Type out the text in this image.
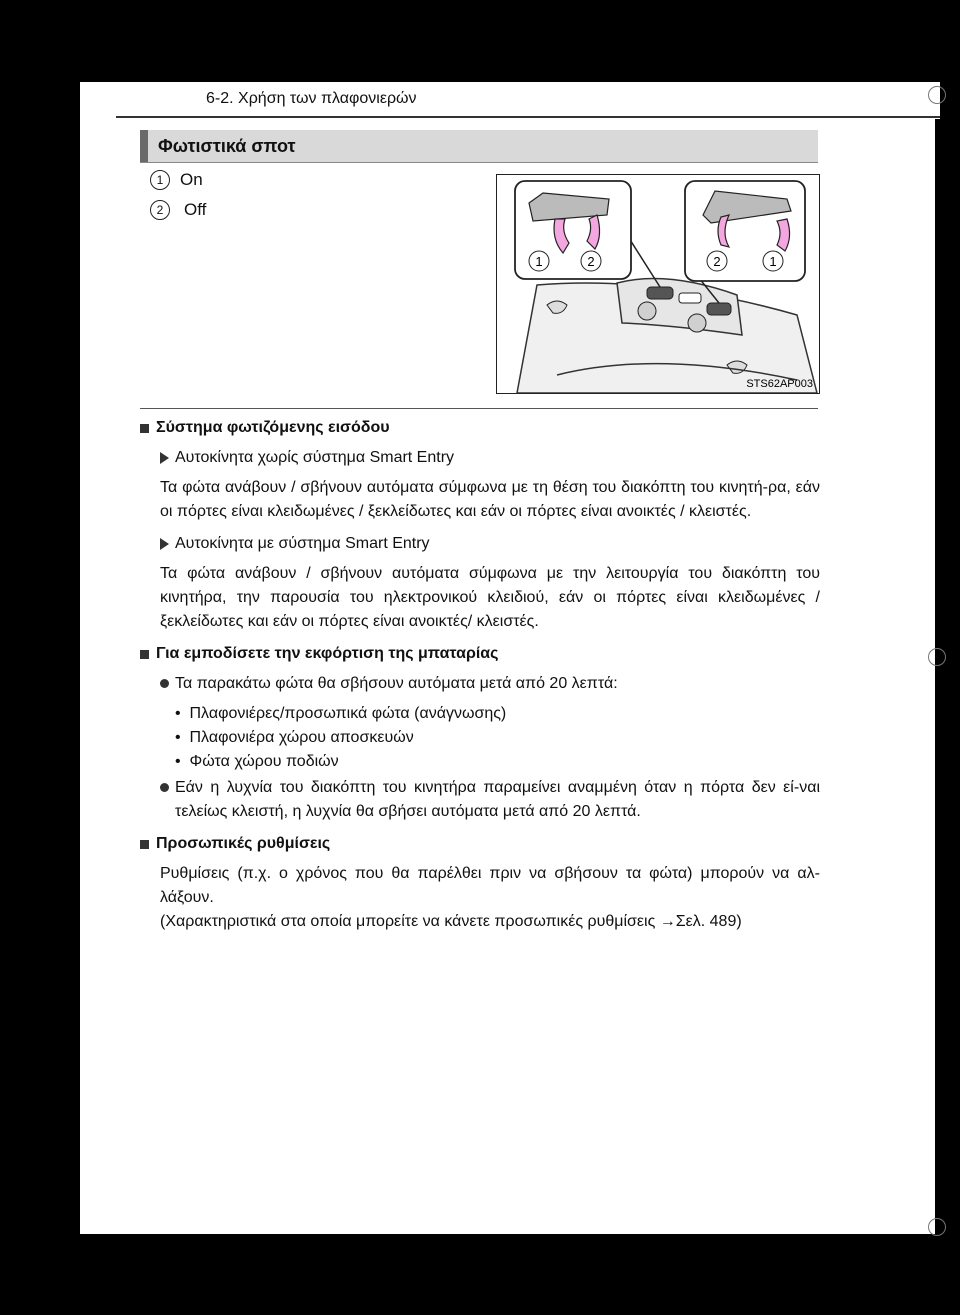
6-2. Χρήση των πλαφονιερών
Φωτιστικά σποτ
1 On
2	Off
1	2	2	1
STS62AP003

Σύστημα φωτιζόμενης εισόδου

Αυτοκίνητα χωρίς σύστημα Smart Entry

Τα φώτα ανάβουν / σβήνουν αυτόματα σύμφωνα με τη θέση του διακόπτη του κινητή-ρα, εάν οι πόρτες είναι κλειδωμένες / ξεκλείδωτες και εάν οι πόρτες είναι ανοικτές / κλειστές.

Αυτοκίνητα με σύστημα Smart Entry

Τα φώτα ανάβουν / σβήνουν αυτόματα σύμφωνα με την λειτουργία του διακόπτη του κινητήρα, την παρουσία του ηλεκτρονικού κλειδιού, εάν οι πόρτες είναι κλειδωμένες / ξεκλείδωτες και εάν οι πόρτες είναι ανοικτές/ κλειστές.

Για εμποδίσετε την εκφόρτιση της μπαταρίας

Τα παρακάτω φώτα θα σβήσουν αυτόματα μετά από 20 λεπτά:

•  Πλαφονιέρες/προσωπικά φώτα (ανάγνωσης)

•  Πλαφονιέρα χώρου αποσκευών

•  Φώτα χώρου ποδιών

Εάν η λυχνία του διακόπτη του κινητήρα παραμείνει αναμμένη όταν η πόρτα δεν εί-ναι τελείως κλειστή, η λυχνία θα σβήσει αυτόματα μετά από 20 λεπτά.

Προσωπικές ρυθμίσεις

Ρυθμίσεις (π.χ. ο χρόνος που θα παρέλθει πριν να σβήσουν τα φώτα) μπορούν να αλ-λάξουν.

(Χαρακτηριστικά στα οποία μπορείτε να κάνετε προσωπικές ρυθμίσεις →Σελ. 489)
